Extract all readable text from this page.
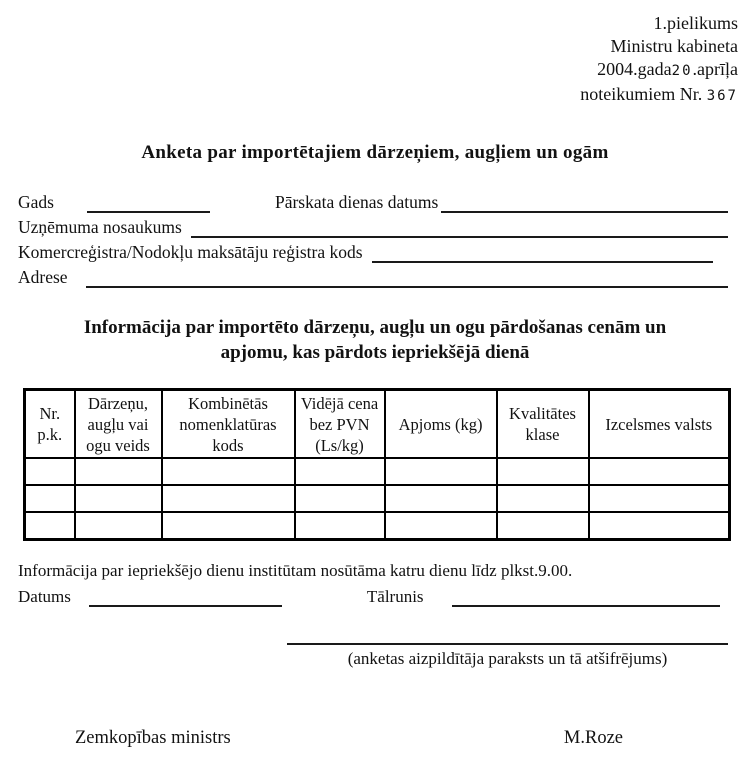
1.pielikums
Ministru kabineta
2004.gada20.aprīļa
noteikumiem Nr. 367
Anketa par importētajiem dārzeņiem, augļiem un ogām
Gads	Pārskata dienas datums
Uzņēmuma nosaukums
Komercreģistra/Nodokļu maksātāju reģistra kods
Adrese
Informācija par importēto dārzeņu, augļu un ogu pārdošanas cenām un
apjomu, kas pārdots iepriekšējā dienā
Nr. p.k.	Dārzeņu, augļu vai ogu veids	Kombinētās nomenklatūras kods	Vidējā cena bez PVN (Ls/kg)	Apjoms (kg)	Kvalitātes klase	Izcelsmes valsts

Informācija par iepriekšējo dienu institūtam nosūtāma katru dienu līdz plkst.9.00.
Datums	Tālrunis
(anketas aizpildītāja paraksts un tā atšifrējums)
Zemkopības ministrs	M.Roze
